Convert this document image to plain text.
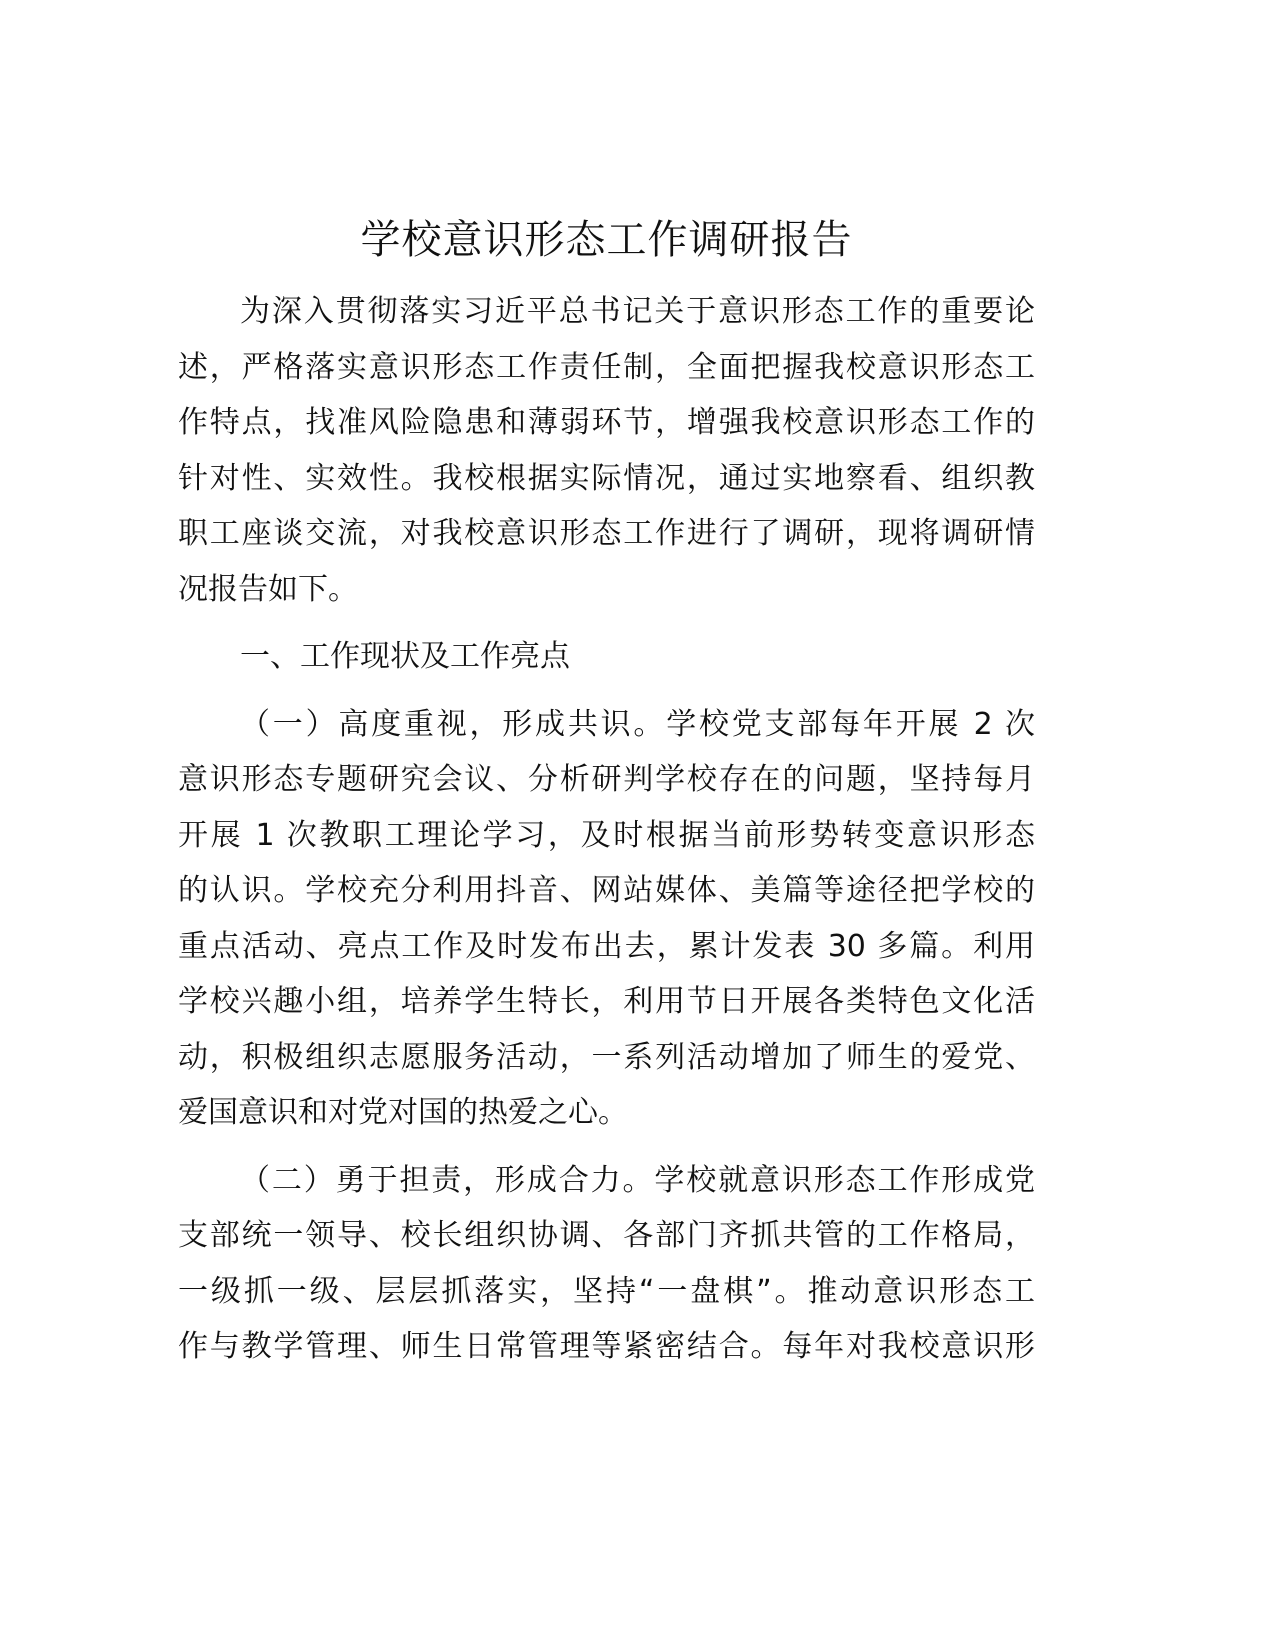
学校意识形态工作调研报告
为深入贯彻落实习近平总书记关于意识形态工作的重要论
述，严格落实意识形态工作责任制，全面把握我校意识形态工
作特点，找准风险隐患和薄弱环节，增强我校意识形态工作的
针对性、实效性。我校根据实际情况，通过实地察看、组织教
职工座谈交流，对我校意识形态工作进行了调研，现将调研情
况报告如下。
一、工作现状及工作亮点
（一）高度重视，形成共识。学校党支部每年开展 2 次
意识形态专题研究会议、分析研判学校存在的问题，坚持每月
开展 1 次教职工理论学习，及时根据当前形势转变意识形态
的认识。学校充分利用抖音、网站媒体、美篇等途径把学校的
重点活动、亮点工作及时发布出去，累计发表 30 多篇。利用
学校兴趣小组，培养学生特长，利用节日开展各类特色文化活
动，积极组织志愿服务活动，一系列活动增加了师生的爱党、
爱国意识和对党对国的热爱之心。
（二）勇于担责，形成合力。学校就意识形态工作形成党
支部统一领导、校长组织协调、各部门齐抓共管的工作格局，
一级抓一级、层层抓落实，坚持“一盘棋”。推动意识形态工
作与教学管理、师生日常管理等紧密结合。每年对我校意识形
